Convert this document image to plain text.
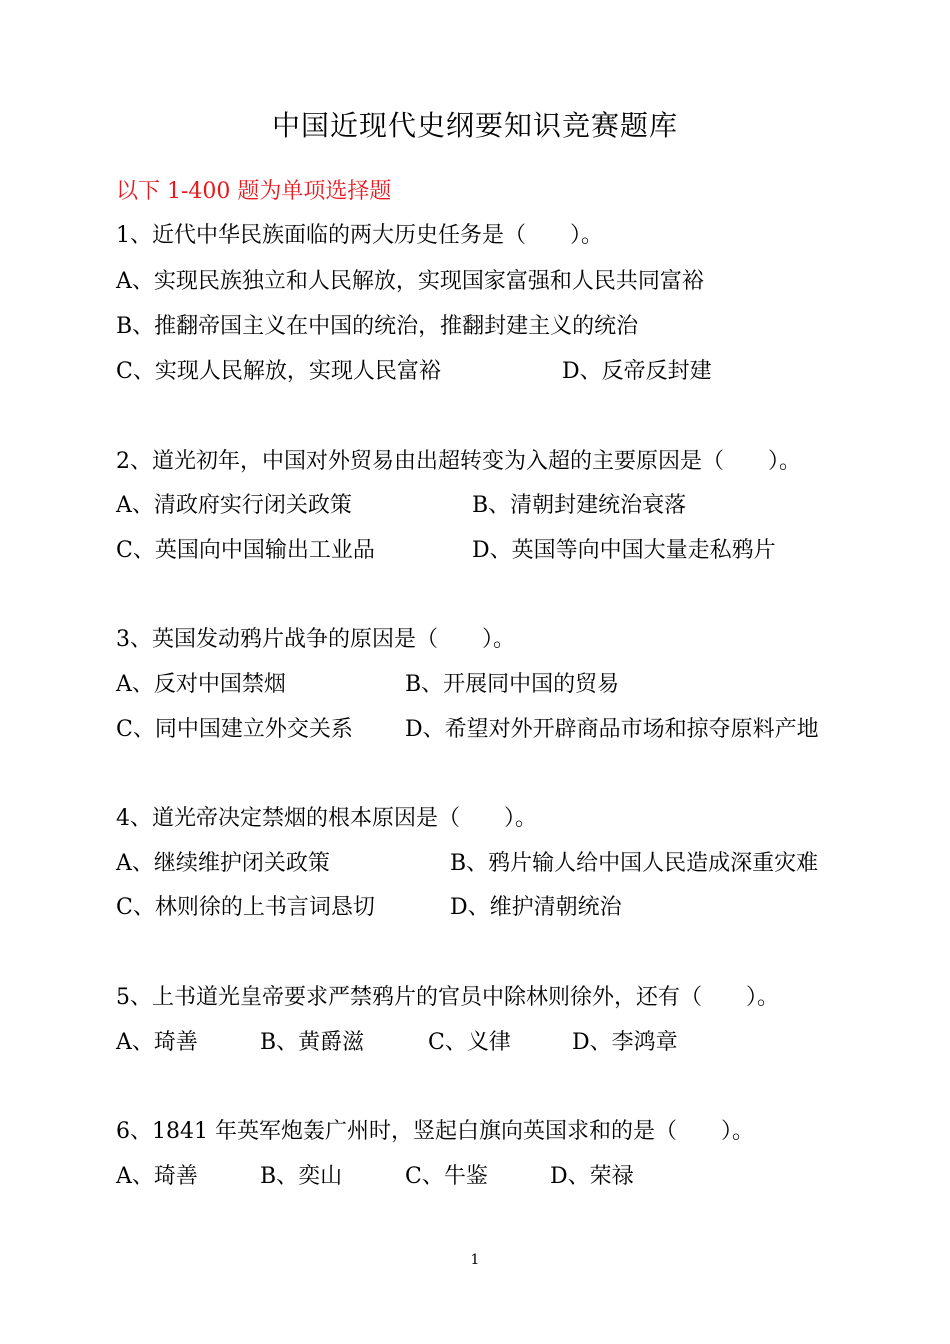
中国近现代史纲要知识竞赛题库
以下 1-400 题为单项选择题
1、近代中华民族面临的两大历史任务是（　　）。
A、实现民族独立和人民解放，实现国家富强和人民共同富裕
B、推翻帝国主义在中国的统治，推翻封建主义的统治
C、实现人民解放，实现人民富裕	D、反帝反封建
2、道光初年，中国对外贸易由出超转变为入超的主要原因是（　　）。
A、清政府实行闭关政策	B、清朝封建统治衰落
C、英国向中国输出工业品	D、英国等向中国大量走私鸦片
3、英国发动鸦片战争的原因是（　　）。
A、反对中国禁烟	B、开展同中国的贸易
C、同中国建立外交关系 D、希望对外开辟商品市场和掠夺原料产地
4、道光帝决定禁烟的根本原因是（　　）。
A、继续维护闭关政策	B、鸦片输人给中国人民造成深重灾难
C、林则徐的上书言词恳切	D、维护清朝统治
5、上书道光皇帝要求严禁鸦片的官员中除林则徐外，还有（　　）。
A、琦善	B、黄爵滋	C、义律	D、李鸿章
6、1841 年英军炮轰广州时，竖起白旗向英国求和的是（　　）。
A、琦善	B、奕山	C、牛鉴	D、荣禄
1
